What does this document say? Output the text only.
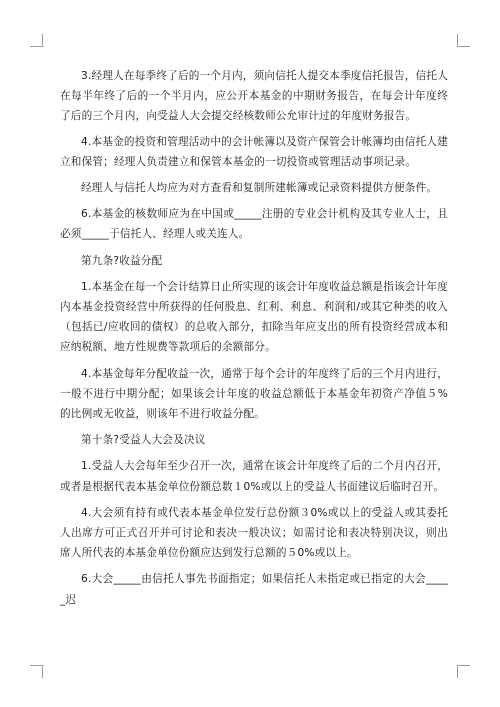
3.经理人在每季终了后的一个月内，须向信托人提交本季度信托报告，信托人在每半年终了后的一个半月内，应公开本基金的中期财务报告，在每会计年度终了后的三个月内，向受益人大会提交经核数师公允审计过的年度财务报告。

4.本基金的投资和管理活动中的会计帐簿以及资产保管会计帐簿均由信托人建立和保管；经理人负责建立和保管本基金的一切投资或管理活动事项记录。

经理人与信托人均应为对方查看和复制所建帐簿或记录资料提供方便条件。

6.本基金的核数师应为在中国或_____注册的专业会计机构及其专业人士，且必须_____于信托人、经理人或关连人。

第九条?收益分配

1.本基金在每一个会计结算日止所实现的该会计年度收益总额是指该会计年度内本基金投资经营中所获得的任何股息、红利、利息、利润和/或其它种类的收入（包括已/应收回的债权）的总收入部分，扣除当年应支出的所有投资经营成本和应纳税额、地方性规费等款项后的余额部分。

4.本基金每年分配收益一次，通常于每个会计的年度终了后的三个月内进行，一般不进行中期分配；如果该会计年度的收益总额低于本基金年初资产净值５%的比例或无收益，则该年不进行收益分配。

第十条?受益人大会及决议

1.受益人大会每年至少召开一次，通常在该会计年度终了后的二个月内召开，或者是根据代表本基金单位份额总数１0%或以上的受益人书面建议后临时召开。

4.大会须有持有或代表本基金单位发行总份额３0%或以上的受益人或其委托人出席方可正式召开并可讨论和表决一般决议；如需讨论和表决特别决议，则出席人所代表的本基金单位份额应达到发行总额的５0%或以上。

6.大会_____由信托人事先书面指定；如果信托人未指定或已指定的大会_____迟
